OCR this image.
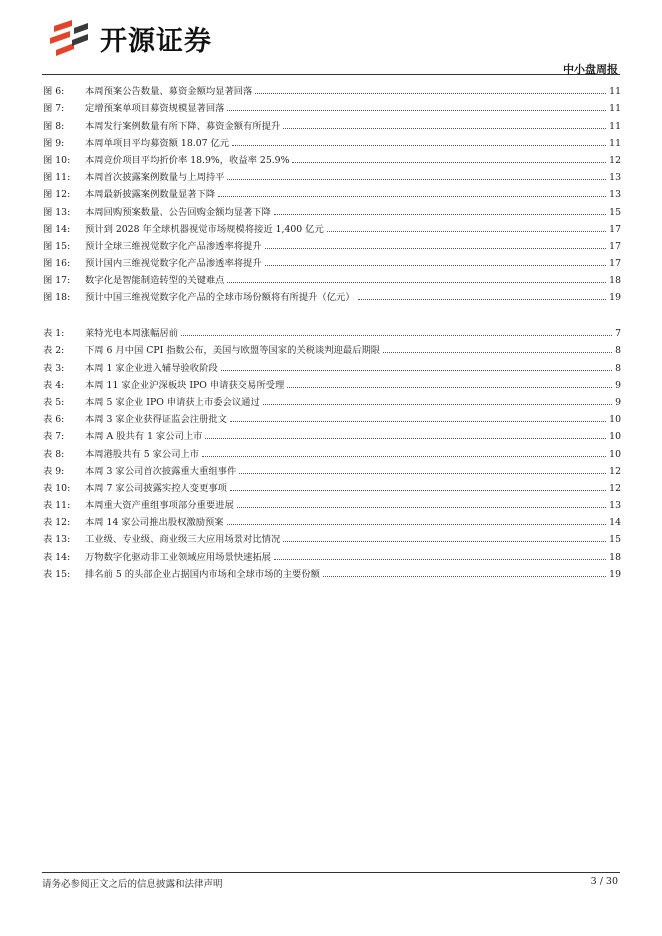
开源证券
中小盘周报
图 6:	本周预案公告数量、募资金额均显著回落	11
图 7:	定增预案单项目募资规模显著回落	11
图 8:	本周发行案例数量有所下降、募资金额有所提升	11
图 9:	本周单项目平均募资额 18.07 亿元	11
图 10:	本周竞价项目平均折价率 18.9%，收益率 25.9%	12
图 11:	本周首次披露案例数量与上周持平	13
图 12:	本周最新披露案例数量显著下降	13
图 13:	本周回购预案数量、公告回购金额均显著下降	15
图 14:	预计到 2028 年全球机器视觉市场规模将接近 1,400 亿元	17
图 15:	预计全球三维视觉数字化产品渗透率将提升	17
图 16:	预计国内三维视觉数字化产品渗透率将提升	17
图 17:	数字化是智能制造转型的关键难点	18
图 18:	预计中国三维视觉数字化产品的全球市场份额将有所提升（亿元）	19
表 1:	莱特光电本周涨幅居前	7
表 2:	下周 6 月中国 CPI 指数公布，美国与欧盟等国家的关税谈判迎最后期限	8
表 3:	本周 1 家企业进入辅导验收阶段	8
表 4:	本周 11 家企业沪深板块 IPO 申请获交易所受理	9
表 5:	本周 5 家企业 IPO 申请获上市委会议通过	9
表 6:	本周 3 家企业获得证监会注册批文	10
表 7:	本周 A 股共有 1 家公司上市	10
表 8:	本周港股共有 5 家公司上市	10
表 9:	本周 3 家公司首次披露重大重组事件	12
表 10:	本周 7 家公司披露实控人变更事项	12
表 11:	本周重大资产重组事项部分重要进展	13
表 12:	本周 14 家公司推出股权激励预案	14
表 13:	工业级、专业级、商业级三大应用场景对比情况	15
表 14:	万物数字化驱动非工业领域应用场景快速拓展	18
表 15:	排名前 5 的头部企业占据国内市场和全球市场的主要份额	19
请务必参阅正文之后的信息披露和法律声明	3 / 30
